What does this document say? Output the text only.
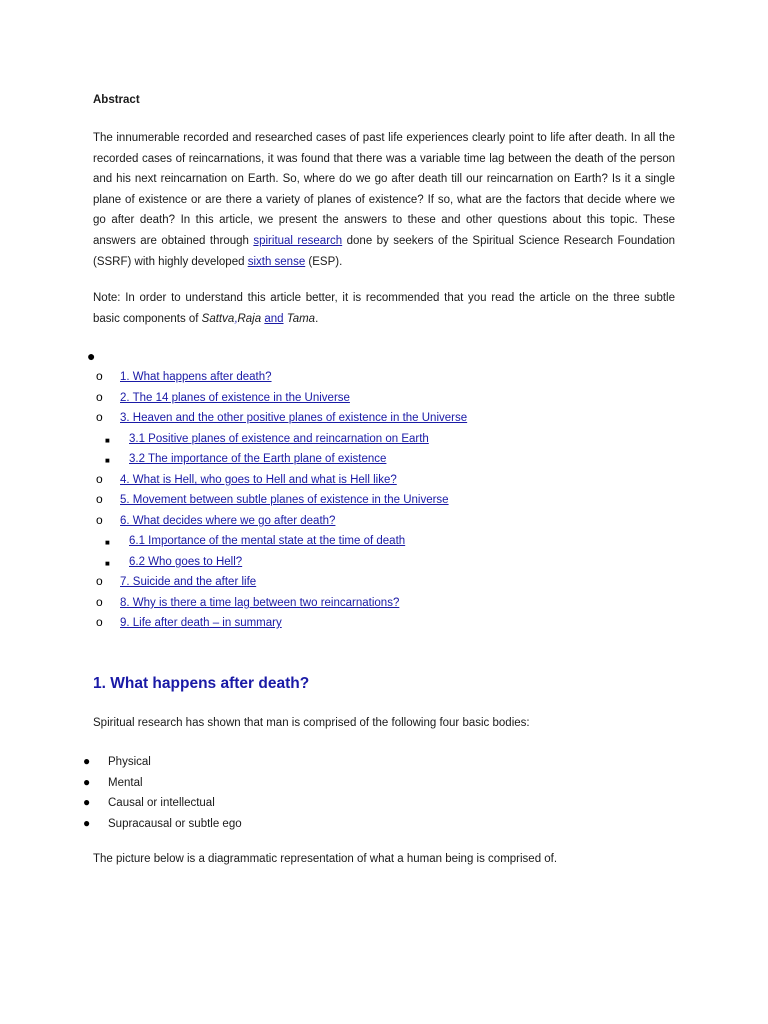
Abstract

The innumerable recorded and researched cases of past life experiences clearly point to life after death. In all the recorded cases of reincarnations, it was found that there was a variable time lag between the death of the person and his next reincarnation on Earth. So, where do we go after death till our reincarnation on Earth? Is it a single plane of existence or are there a variety of planes of existence? If so, what are the factors that decide where we go after death? In this article, we present the answers to these and other questions about this topic. These answers are obtained through spiritual research done by seekers of the Spiritual Science Research Foundation (SSRF) with highly developed sixth sense (ESP).

Note: In order to understand this article better, it is recommended that you read the article on the three subtle basic components of Sattva,Raja and Tama.

●
o 1. What happens after death?
o 2. The 14 planes of existence in the Universe
o 3. Heaven and the other positive planes of existence in the Universe
■ 3.1 Positive planes of existence and reincarnation on Earth
■ 3.2 The importance of the Earth plane of existence
o 4. What is Hell, who goes to Hell and what is Hell like?
o 5. Movement between subtle planes of existence in the Universe
o 6. What decides where we go after death?
■ 6.1 Importance of the mental state at the time of death
■ 6.2 Who goes to Hell?
o 7. Suicide and the after life
o 8. Why is there a time lag between two reincarnations?
o 9. Life after death – in summary
1. What happens after death?
Spiritual research has shown that man is comprised of the following four basic bodies:
● Physical
● Mental
● Causal or intellectual
● Supracausal or subtle ego
The picture below is a diagrammatic representation of what a human being is comprised of.
